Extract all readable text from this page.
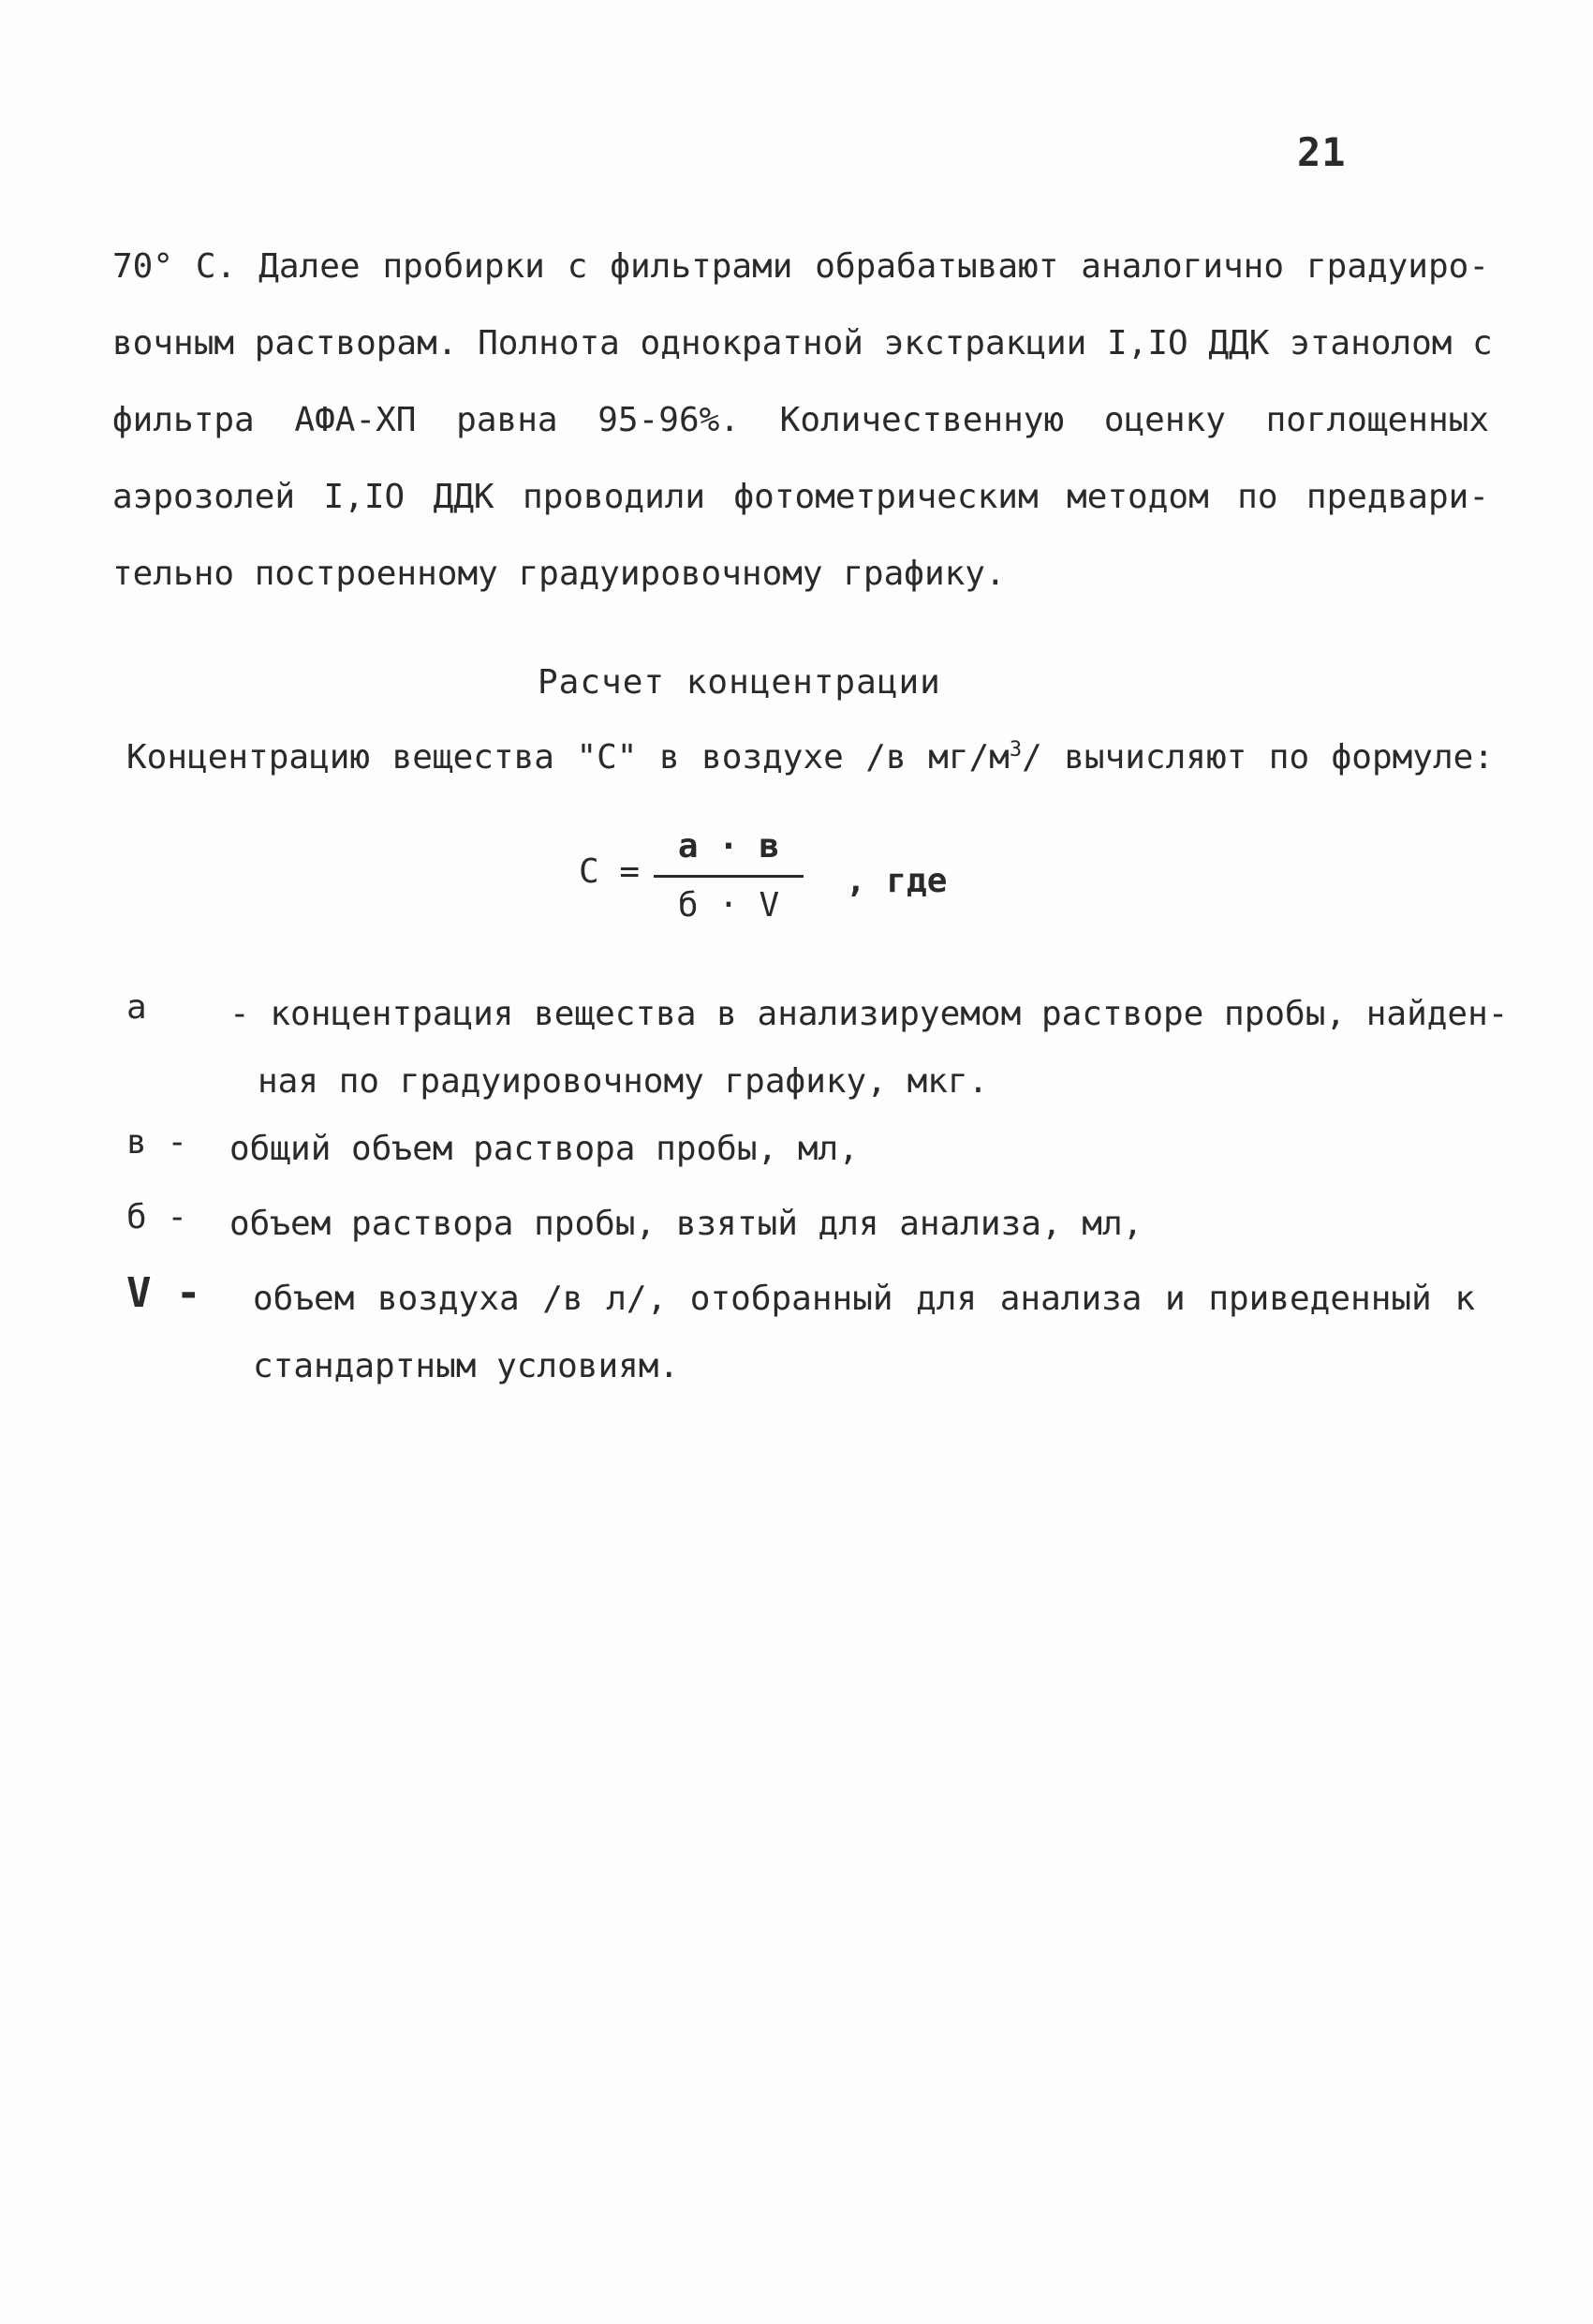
21
70° С. Далее пробирки с фильтрами обрабатывают аналогично градуиро-
вочным растворам. Полнота однократной экстракции I,IО ДДК этанолом с
фильтра АФА-ХП равна 95-96%. Количественную оценку поглощенных
аэрозолей I,IО ДДК проводили фотометрическим методом по предвари-
тельно построенному градуировочному графику.
Расчет концентрации
Концентрацию вещества "С" в воздухе /в $мг/м^3/$ вычисляют по формуле:
С =
а · в
б · V
, где
а	- концентрация вещества в анализируемом растворе пробы, найден-
ная по градуировочному графику, мкг.
в -	общий объем раствора пробы, мл,
б -	объем раствора пробы, взятый для анализа, мл,
V -	объем воздуха /в л/, отобранный для анализа и приведенный к
стандартным условиям.
